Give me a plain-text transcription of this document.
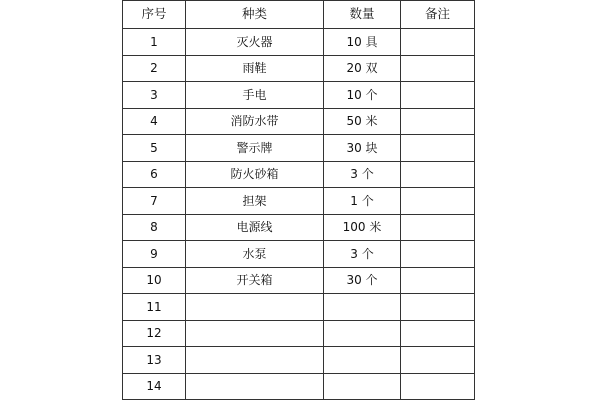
序号	种类	数量	备注
1	灭火器	10 具	
2	雨鞋	20 双	
3	手电	10 个	
4	消防水带	50 米	
5	警示牌	30 块	
6	防火砂箱	3 个	
7	担架	1 个	
8	电源线	100 米	
9	水泵	3 个	
10	开关箱	30 个	
11			
12			
13			
14			
